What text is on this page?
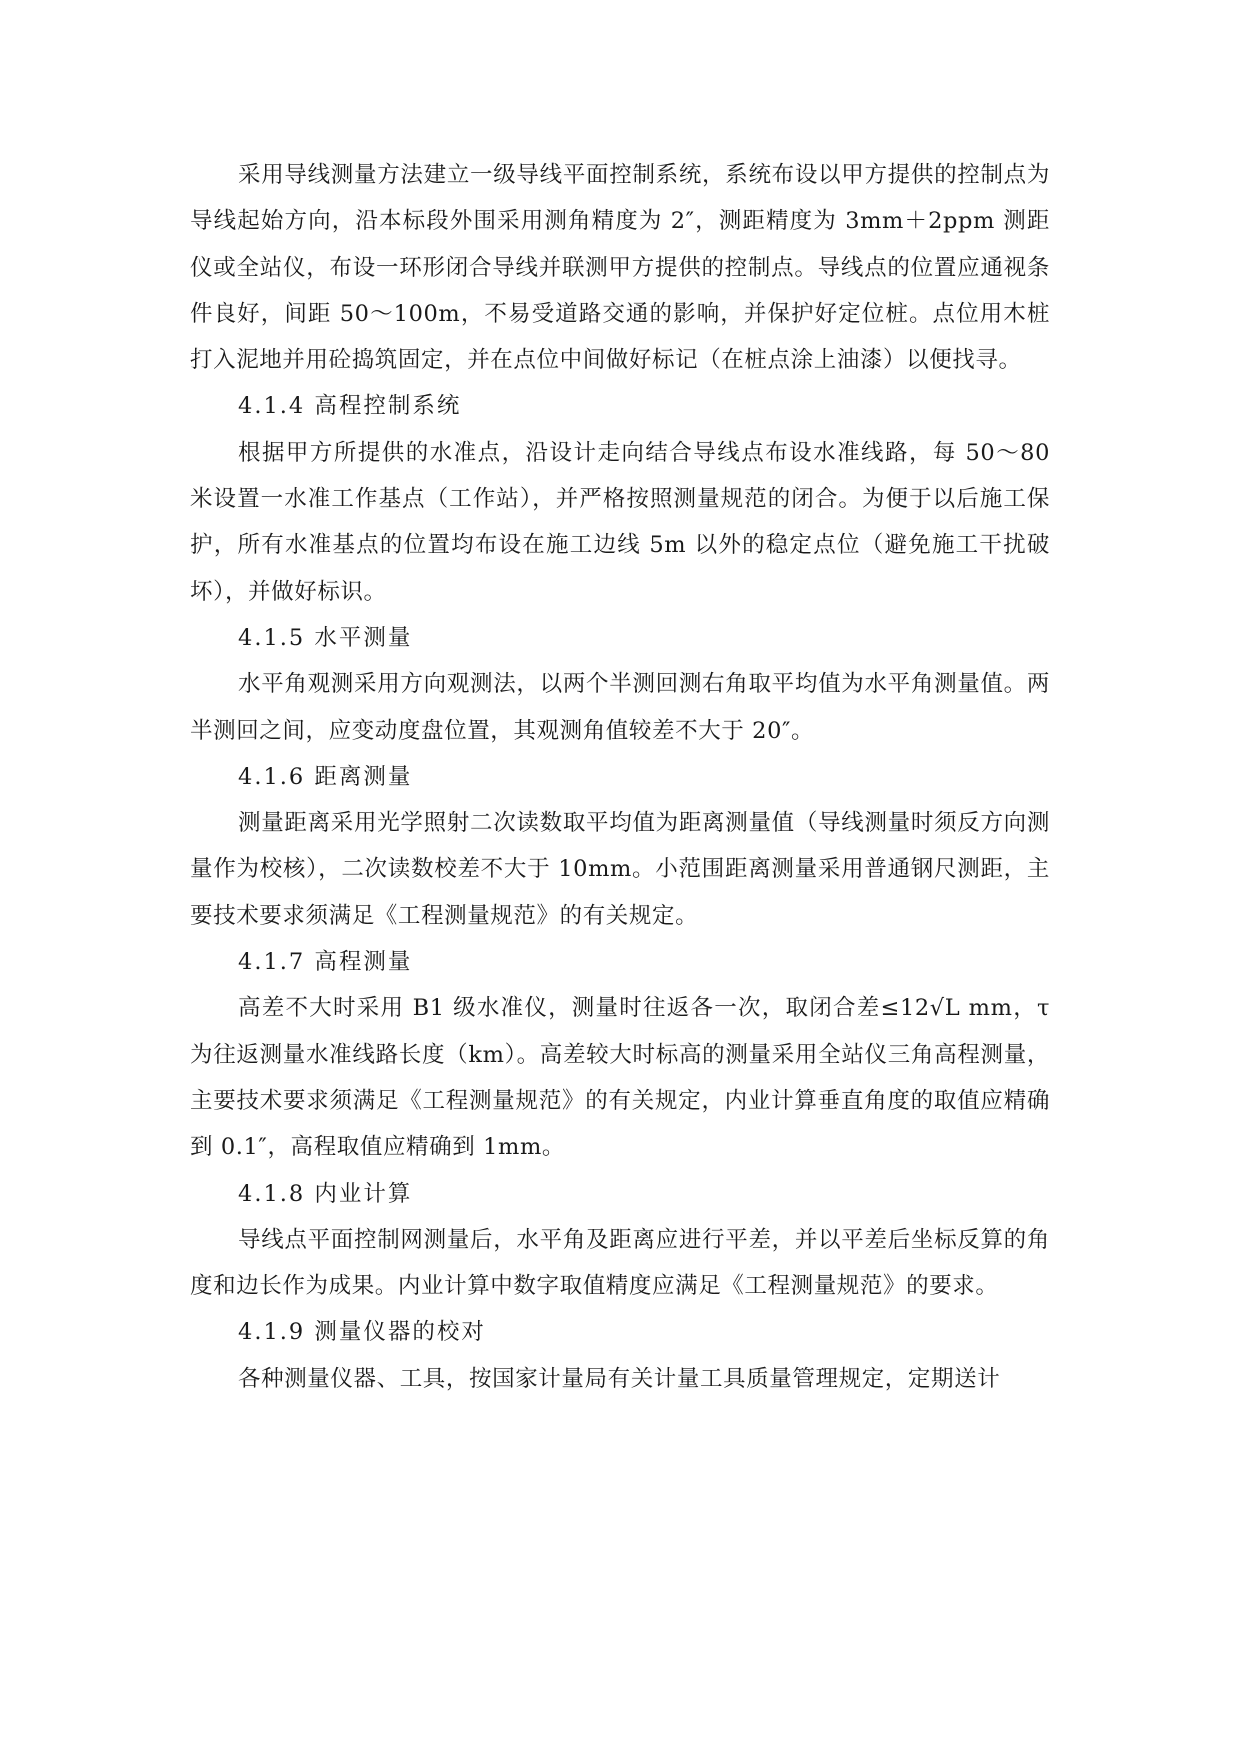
采用导线测量方法建立一级导线平面控制系统，系统布设以甲方提供的控制点为导线起始方向，沿本标段外围采用测角精度为 2″，测距精度为 3mm＋2ppm 测距仪或全站仪，布设一环形闭合导线并联测甲方提供的控制点。导线点的位置应通视条件良好，间距 50～100m，不易受道路交通的影响，并保护好定位桩。点位用木桩打入泥地并用砼捣筑固定，并在点位中间做好标记（在桩点涂上油漆）以便找寻。

4.1.4 高程控制系统

根据甲方所提供的水准点，沿设计走向结合导线点布设水准线路，每 50～80 米设置一水准工作基点（工作站），并严格按照测量规范的闭合。为便于以后施工保护，所有水准基点的位置均布设在施工边线 5m 以外的稳定点位（避免施工干扰破坏），并做好标识。

4.1.5 水平测量

水平角观测采用方向观测法，以两个半测回测右角取平均值为水平角测量值。两半测回之间，应变动度盘位置，其观测角值较差不大于 20″。

4.1.6 距离测量

测量距离采用光学照射二次读数取平均值为距离测量值（导线测量时须反方向测量作为校核），二次读数校差不大于 10mm。小范围距离测量采用普通钢尺测距，主要技术要求须满足《工程测量规范》的有关规定。

4.1.7 高程测量

高差不大时采用 B1 级水准仪，测量时往返各一次，取闭合差≤12√L mm，τ为往返测量水准线路长度（km）。高差较大时标高的测量采用全站仪三角高程测量，主要技术要求须满足《工程测量规范》的有关规定，内业计算垂直角度的取值应精确到 0.1″，高程取值应精确到 1mm。

4.1.8 内业计算

导线点平面控制网测量后，水平角及距离应进行平差，并以平差后坐标反算的角度和边长作为成果。内业计算中数字取值精度应满足《工程测量规范》的要求。

4.1.9 测量仪器的校对

各种测量仪器、工具，按国家计量局有关计量工具质量管理规定，定期送计
